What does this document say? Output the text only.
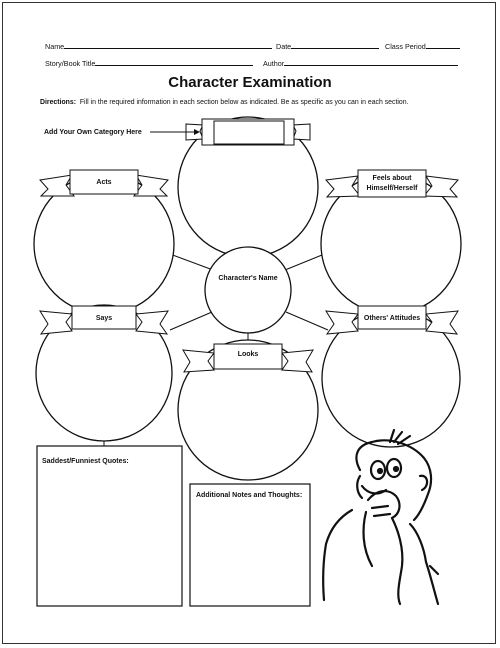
Name	Date	Class Period
Story/Book Title	Author
Character Examination
Directions: Fill in the required information in each section below as indicated. Be as specific as you can in each section.
Character's Name
Acts
Feels about
Himself/Herself
Says	Others' Attitudes
Looks
Add Your Own Category Here
Saddest/Funniest Quotes:
Additional Notes and Thoughts:
